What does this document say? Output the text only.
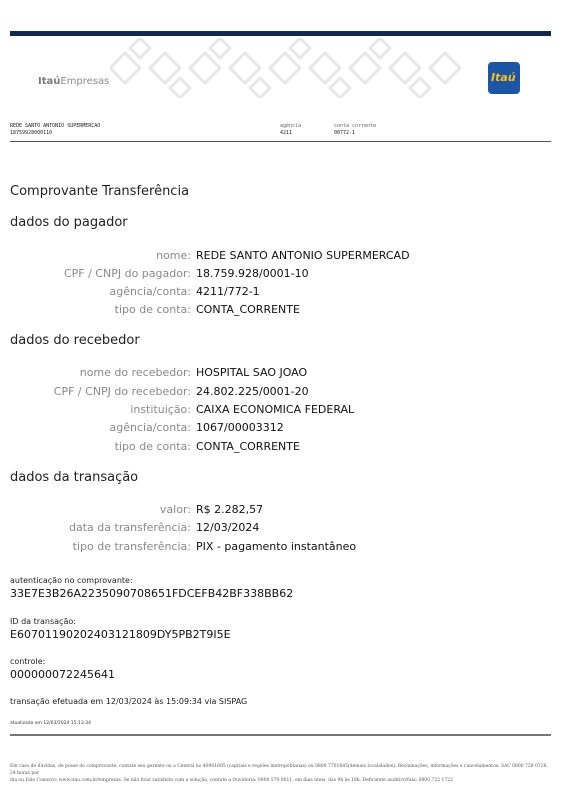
ItaúEmpresas	Itaú
REDE SANTO ANTONIO SUPERMERCAO
18759928000110
agência
4211
conta corrente
00772-1
Comprovante Transferência
dados do pagador
nome: REDE SANTO ANTONIO SUPERMERCAD
CPF / CNPJ do pagador: 18.759.928/0001-10
agência/conta: 4211/772-1
tipo de conta: CONTA_CORRENTE
dados do recebedor
nome do recebedor: HOSPITAL SAO JOAO
CPF / CNPJ do recebedor: 24.802.225/0001-20
instituição: CAIXA ECONOMICA FEDERAL
agência/conta: 1067/00003312
tipo de conta: CONTA_CORRENTE
dados da transação
valor: R$ 2.282,57
data da transferência: 12/03/2024
tipo de transferência: PIX - pagamento instantâneo
autenticação no comprovante:
33E7E3B26A2235090708651FDCEFB42BF338BB62
ID da transação:
E60701190202403121809DY5PB2T9I5E
controle:
000000072245641
transação efetuada em 12/03/2024 às 15:09:34 via SISPAG
atualizado em 12/03/2024 15:13:34
Em caso de dúvidas, de posse do comprovante, contate seu gerente ou a Central no 40901685 (capitais e regiões metropolitanas) ou 0800 7701685(demais localidades). Reclamações, informações e cancelamentos: SAC 0800 728 0728, 24 horas por
dia ou Fale Conosco: www.itau.com.br/empresas. Se não ficar satisfeito com a solução, contate a Ouvidoria: 0800 570 0011, em dias úteis, das 9h às 18h. Deficiente auditivo/fala: 0800 722 1722
